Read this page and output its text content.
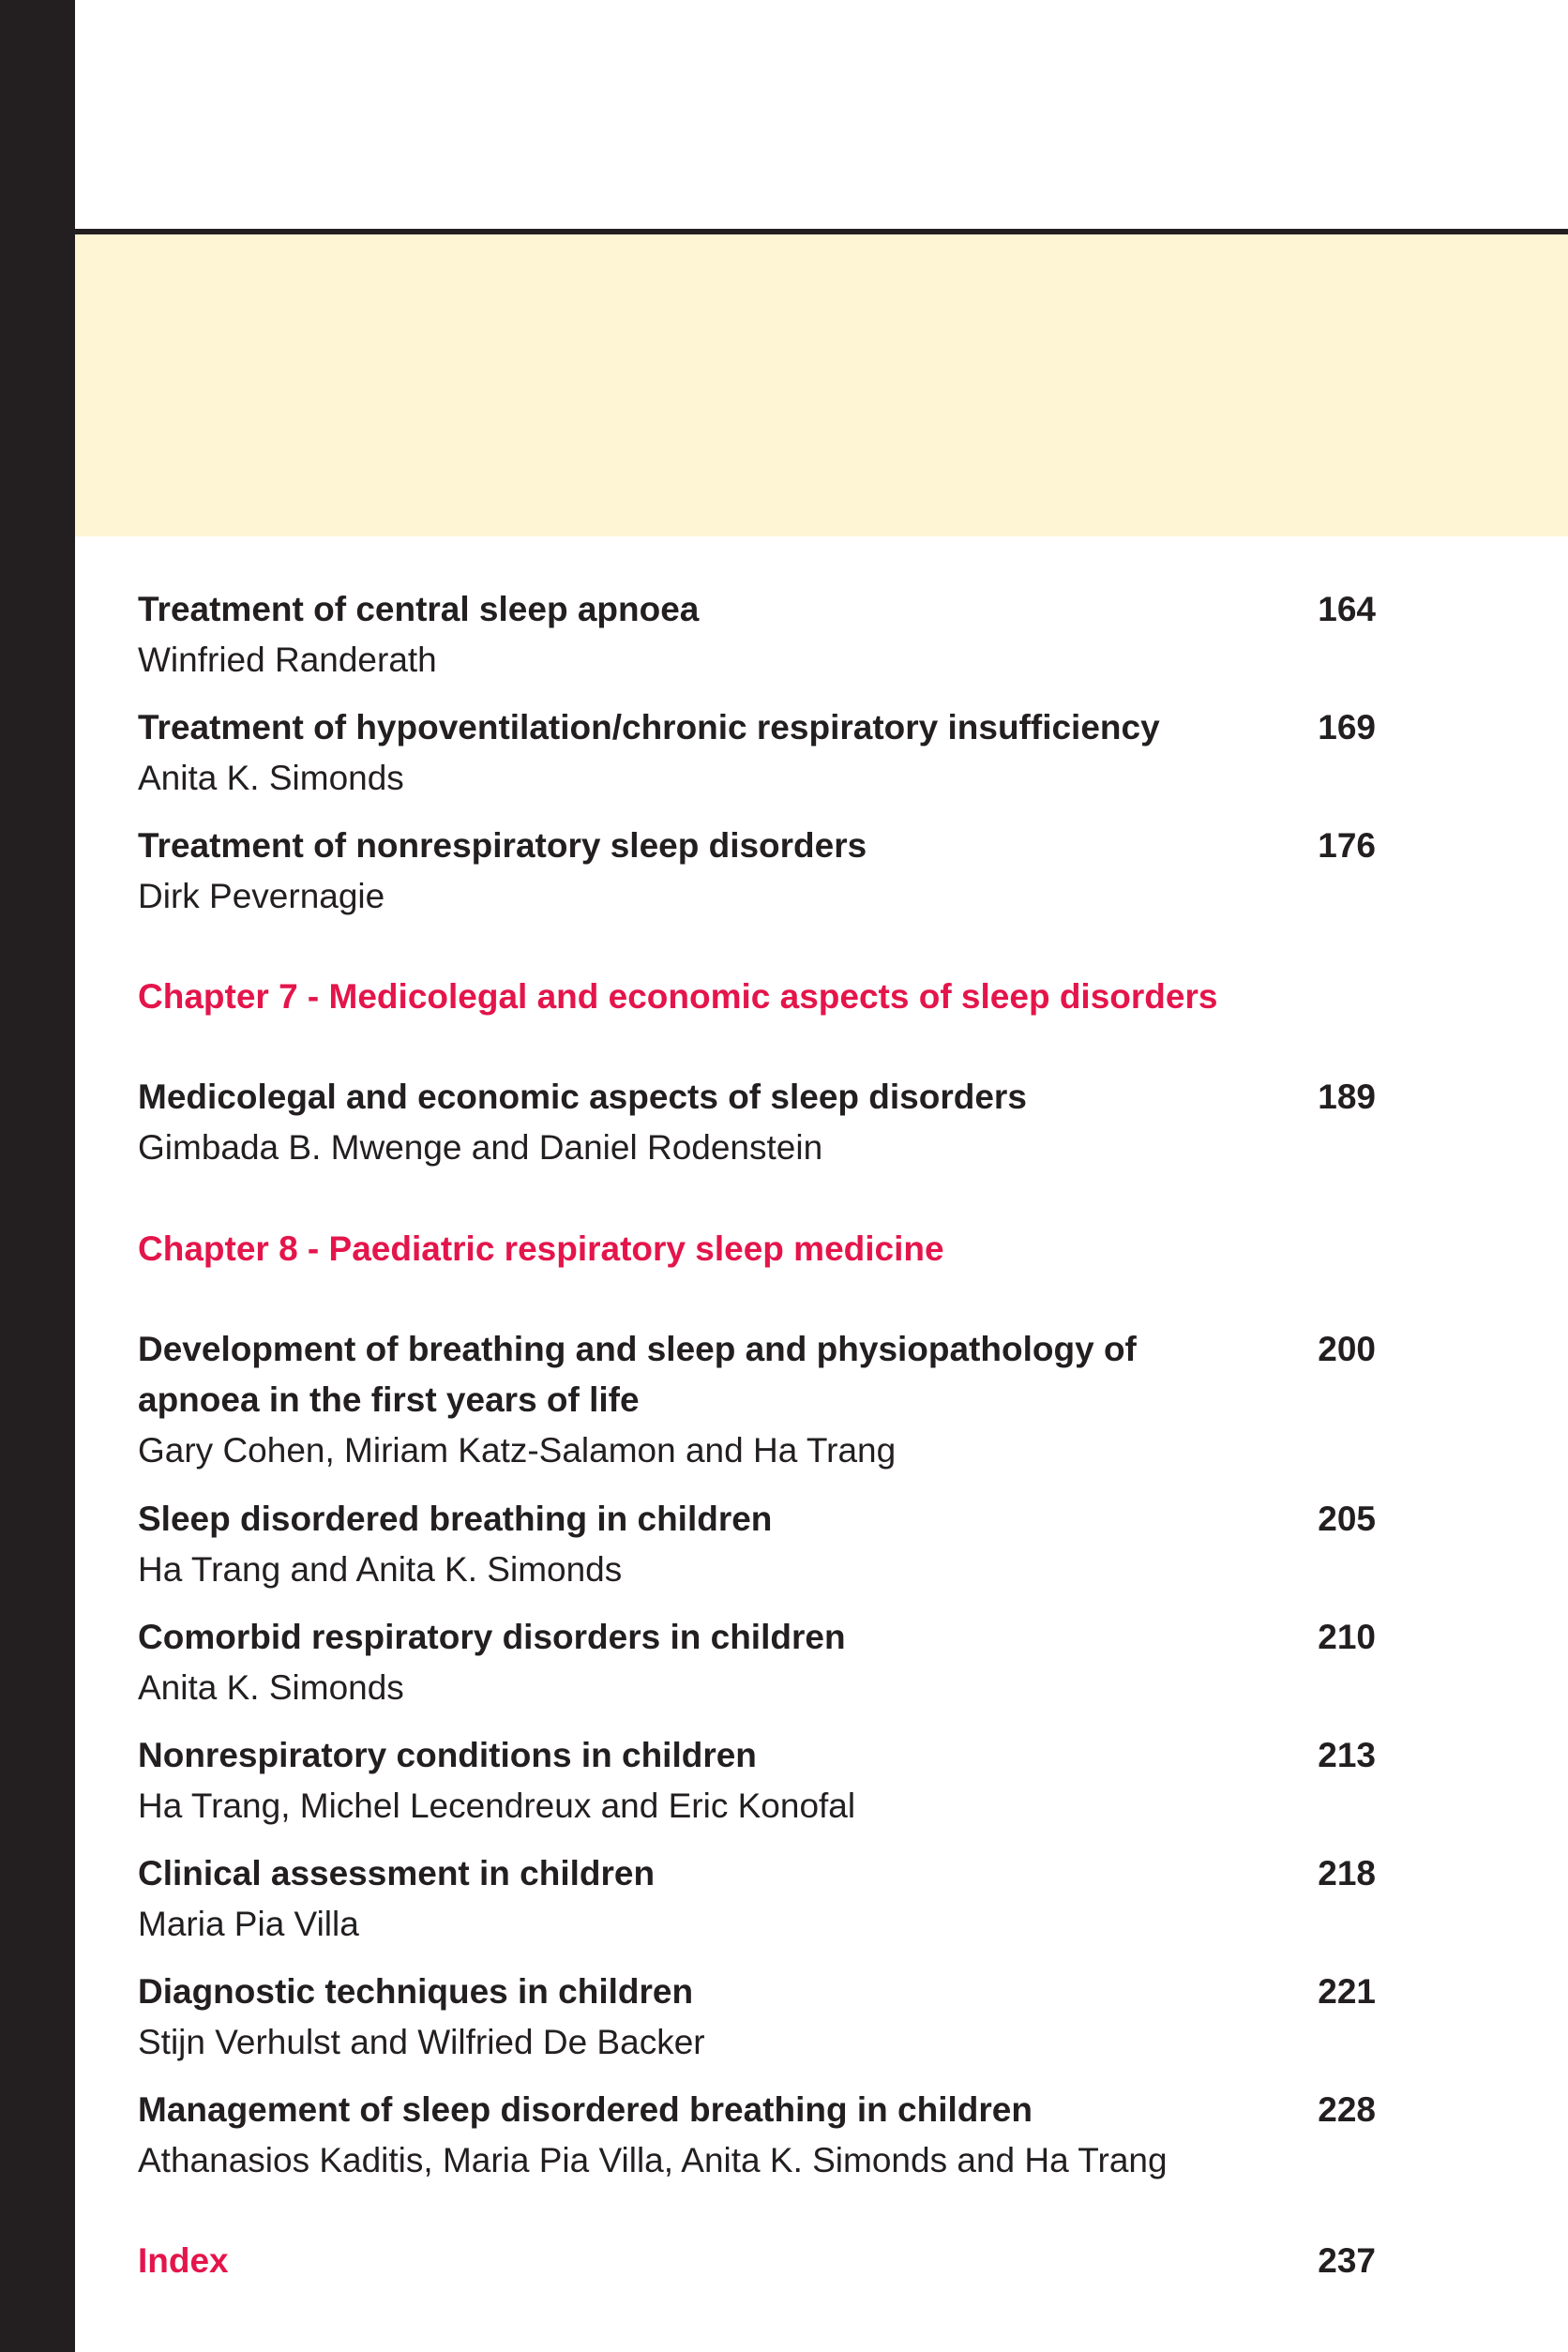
Treatment of central sleep apnoea

Winfried Randerath

164

Treatment of hypoventilation/chronic respiratory insufficiency

Anita K. Simonds

169

Treatment of nonrespiratory sleep disorders

Dirk Pevernagie

176
Chapter 7 - Medicolegal and economic aspects of sleep disorders

Medicolegal and economic aspects of sleep disorders

Gimbada B. Mwenge and Daniel Rodenstein

189
Chapter 8 - Paediatric respiratory sleep medicine

Development of breathing and sleep and physiopathology of apnoea in the first years of life

Gary Cohen, Miriam Katz-Salamon and Ha Trang

200

Sleep disordered breathing in children

Ha Trang and Anita K. Simonds

205

Comorbid respiratory disorders in children

Anita K. Simonds

210

Nonrespiratory conditions in children

Ha Trang, Michel Lecendreux and Eric Konofal

213

Clinical assessment in children

Maria Pia Villa

218

Diagnostic techniques in children

Stijn Verhulst and Wilfried De Backer

221

Management of sleep disordered breathing in children

Athanasios Kaditis, Maria Pia Villa, Anita K. Simonds and Ha Trang

228
Index	237
